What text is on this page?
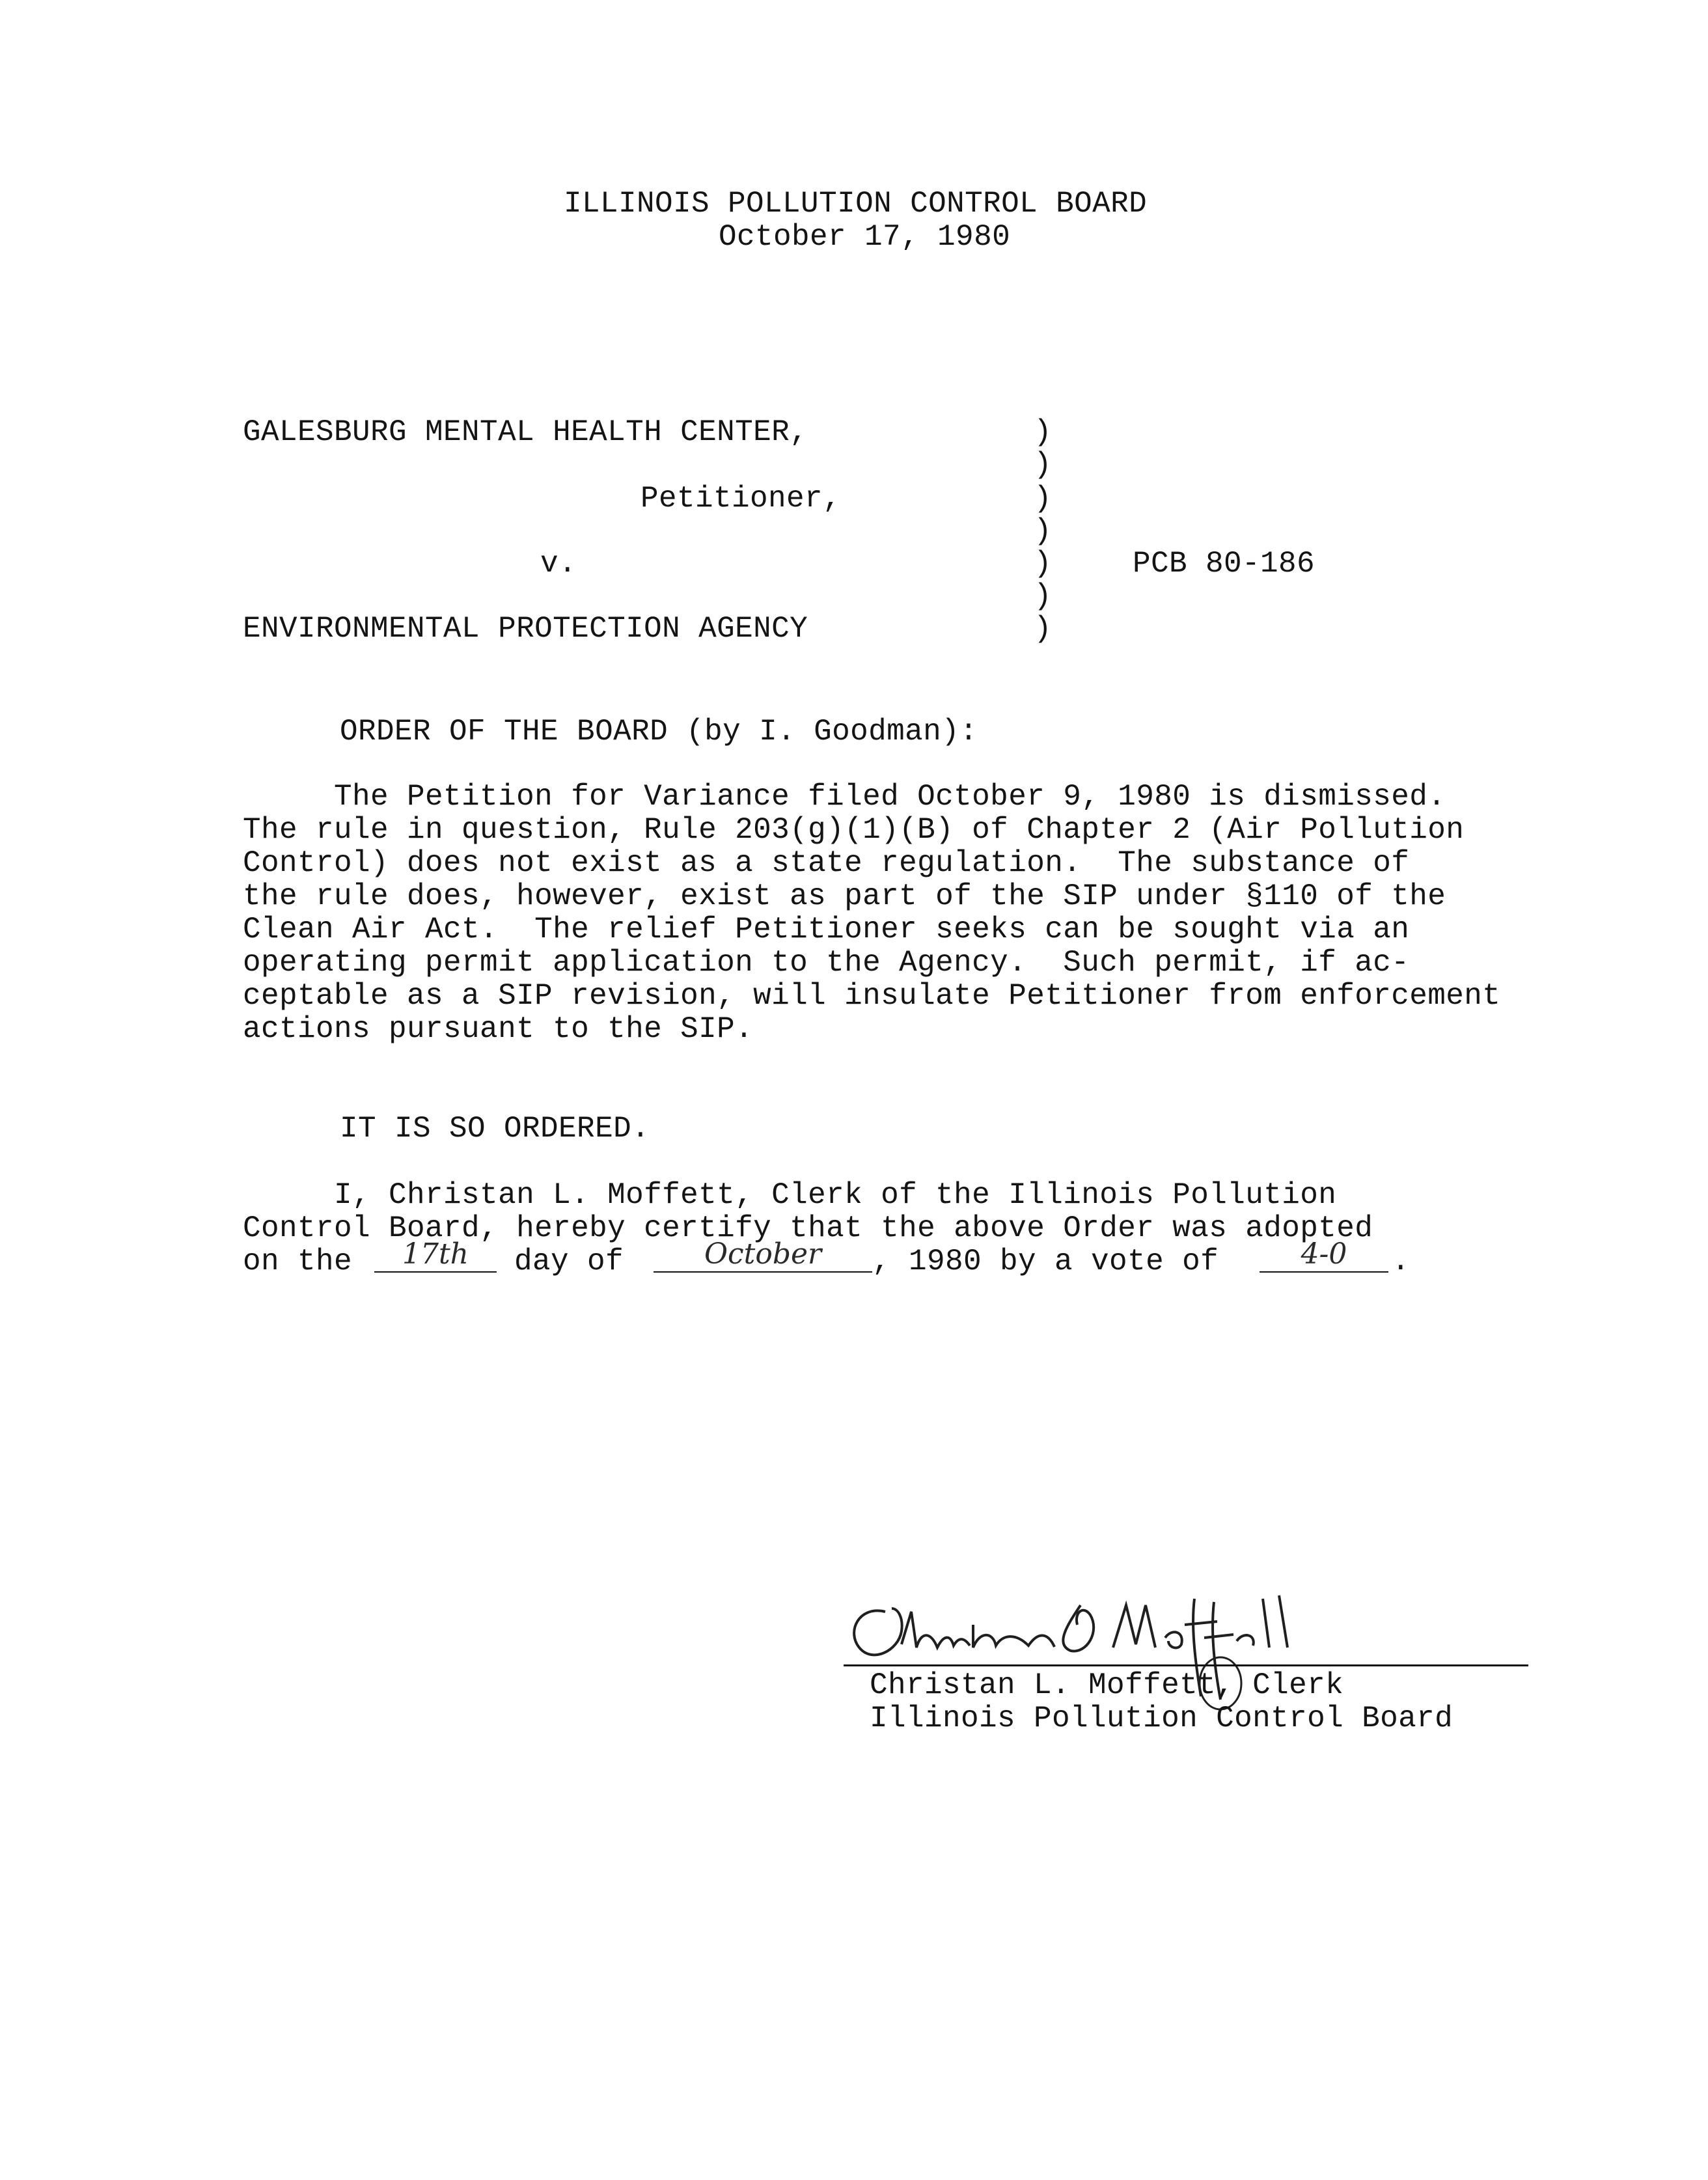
ILLINOIS POLLUTION CONTROL BOARD
October 17, 1980
GALESBURG MENTAL HEALTH CENTER,
Petitioner,
v.
ENVIRONMENTAL PROTECTION AGENCY
)
)
)
)
)
)
)
PCB 80-186
ORDER OF THE BOARD (by I. Goodman):
The Petition for Variance filed October 9, 1980 is dismissed.
The rule in question, Rule 203(g)(1)(B) of Chapter 2 (Air Pollution
Control) does not exist as a state regulation.  The substance of
the rule does, however, exist as part of the SIP under §110 of the
Clean Air Act.  The relief Petitioner seeks can be sought via an
operating permit application to the Agency.  Such permit, if ac-
ceptable as a SIP revision, will insulate Petitioner from enforcement
actions pursuant to the SIP.
IT IS SO ORDERED.
I, Christan L. Moffett, Clerk of the Illinois Pollution
Control Board, hereby certify that the above Order was adopted
on the	17th	day of	October	, 1980 by a vote of	4-0	.
Christan L. Moffett, Clerk
Illinois Pollution Control Board
